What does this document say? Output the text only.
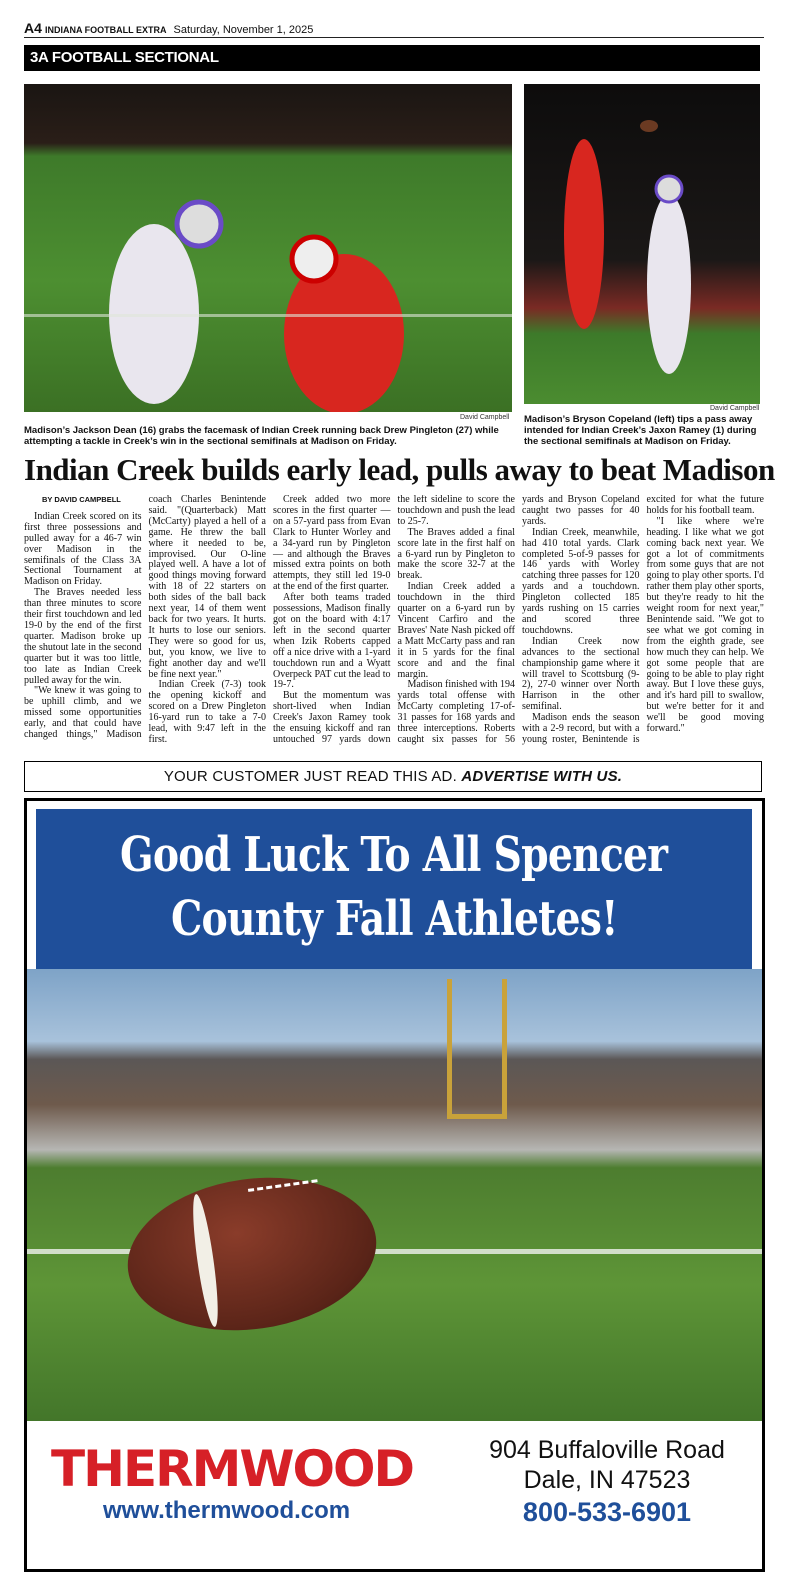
A4 INDIANA FOOTBALL EXTRA Saturday, November 1, 2025
3A FOOTBALL SECTIONAL
David Campbell
Madison’s Jackson Dean (16) grabs the facemask of Indian Creek running back Drew Pingleton (27) while attempting a tackle in Creek’s win in the sectional semifinals at Madison on Friday.
David Campbell
Madison’s Bryson Copeland (left) tips a pass away intended for Indian Creek’s Jaxon Ramey (1) during the sectional semifinals at Madison on Friday.
Indian Creek builds early lead, pulls away to beat Madison

BY DAVID CAMPBELL

Indian Creek scored on its first three possessions and pulled away for a 46-7 win over Madison in the semifinals of the Class 3A Sectional Tournament at Madison on Friday.

The Braves needed less than three minutes to score their first touchdown and led 19-0 by the end of the first quarter. Madison broke up the shutout late in the second quarter but it was too little, too late as Indian Creek pulled away for the win.

"We knew it was going to be uphill climb, and we missed some opportunities early, and that could have changed things," Madison coach Charles Benintende said. "(Quarterback) Matt (McCarty) played a hell of a game. He threw the ball where it needed to be, improvised. Our O-line played well. A have a lot of good things moving forward with 18 of 22 starters on both sides of the ball back next year, 14 of them went back for two years. It hurts. It hurts to lose our seniors. They were so good for us, but, you know, we live to fight another day and we'll be fine next year."

Indian Creek (7-3) took the opening kickoff and scored on a Drew Pingleton 16-yard run to take a 7-0 lead, with 9:47 left in the first.

Creek added two more scores in the first quarter — on a 57-yard pass from Evan Clark to Hunter Worley and a 34-yard run by Pingleton — and although the Braves missed extra points on both attempts, they still led 19-0 at the end of the first quarter.

After both teams traded possessions, Madison finally got on the board with 4:17 left in the second quarter when Izik Roberts capped off a nice drive with a 1-yard touchdown run and a Wyatt Overpeck PAT cut the lead to 19-7.

But the momentum was short-lived when Indian Creek's Jaxon Ramey took the ensuing kickoff and ran untouched 97 yards down the left sideline to score the touchdown and push the lead to 25-7.

The Braves added a final score late in the first half on a 6-yard run by Pingleton to make the score 32-7 at the break.

Indian Creek added a touchdown in the third quarter on a 6-yard run by Vincent Carfiro and the Braves' Nate Nash picked off a Matt McCarty pass and ran it in 5 yards for the final score and and the final margin.

Madison finished with 194 yards total offense with McCarty completing 17-of-31 passes for 168 yards and three interceptions. Roberts caught six passes for 56 yards and Bryson Copeland caught two passes for 40 yards.

Indian Creek, meanwhile, had 410 total yards. Clark completed 5-of-9 passes for 146 yards with Worley catching three passes for 120 yards and a touchdown. Pingleton collected 185 yards rushing on 15 carries and scored three touchdowns.

Indian Creek now advances to the sectional championship game where it will travel to Scottsburg (9-2), 27-0 winner over North Harrison in the other semifinal.

Madison ends the season with a 2-9 record, but with a young roster, Benintende is excited for what the future holds for his football team.

"I like where we're heading. I like what we got coming back next year. We got a lot of commitments from some guys that are not going to play other sports. I'd rather them play other sports, but they're ready to hit the weight room for next year," Benintende said. "We got to see what we got coming in from the eighth grade, see how much they can help. We got some people that are going to be able to play right away. But I love these guys, and it's hard pill to swallow, but we're better for it and we'll be good moving forward."

YOUR CUSTOMER JUST READ THIS AD. ADVERTISE WITH US.
Good Luck To All Spencer
County Fall Athletes!
THERMWOOD
www.thermwood.com
904 Buffaloville Road
Dale, IN 47523
800-533-6901
